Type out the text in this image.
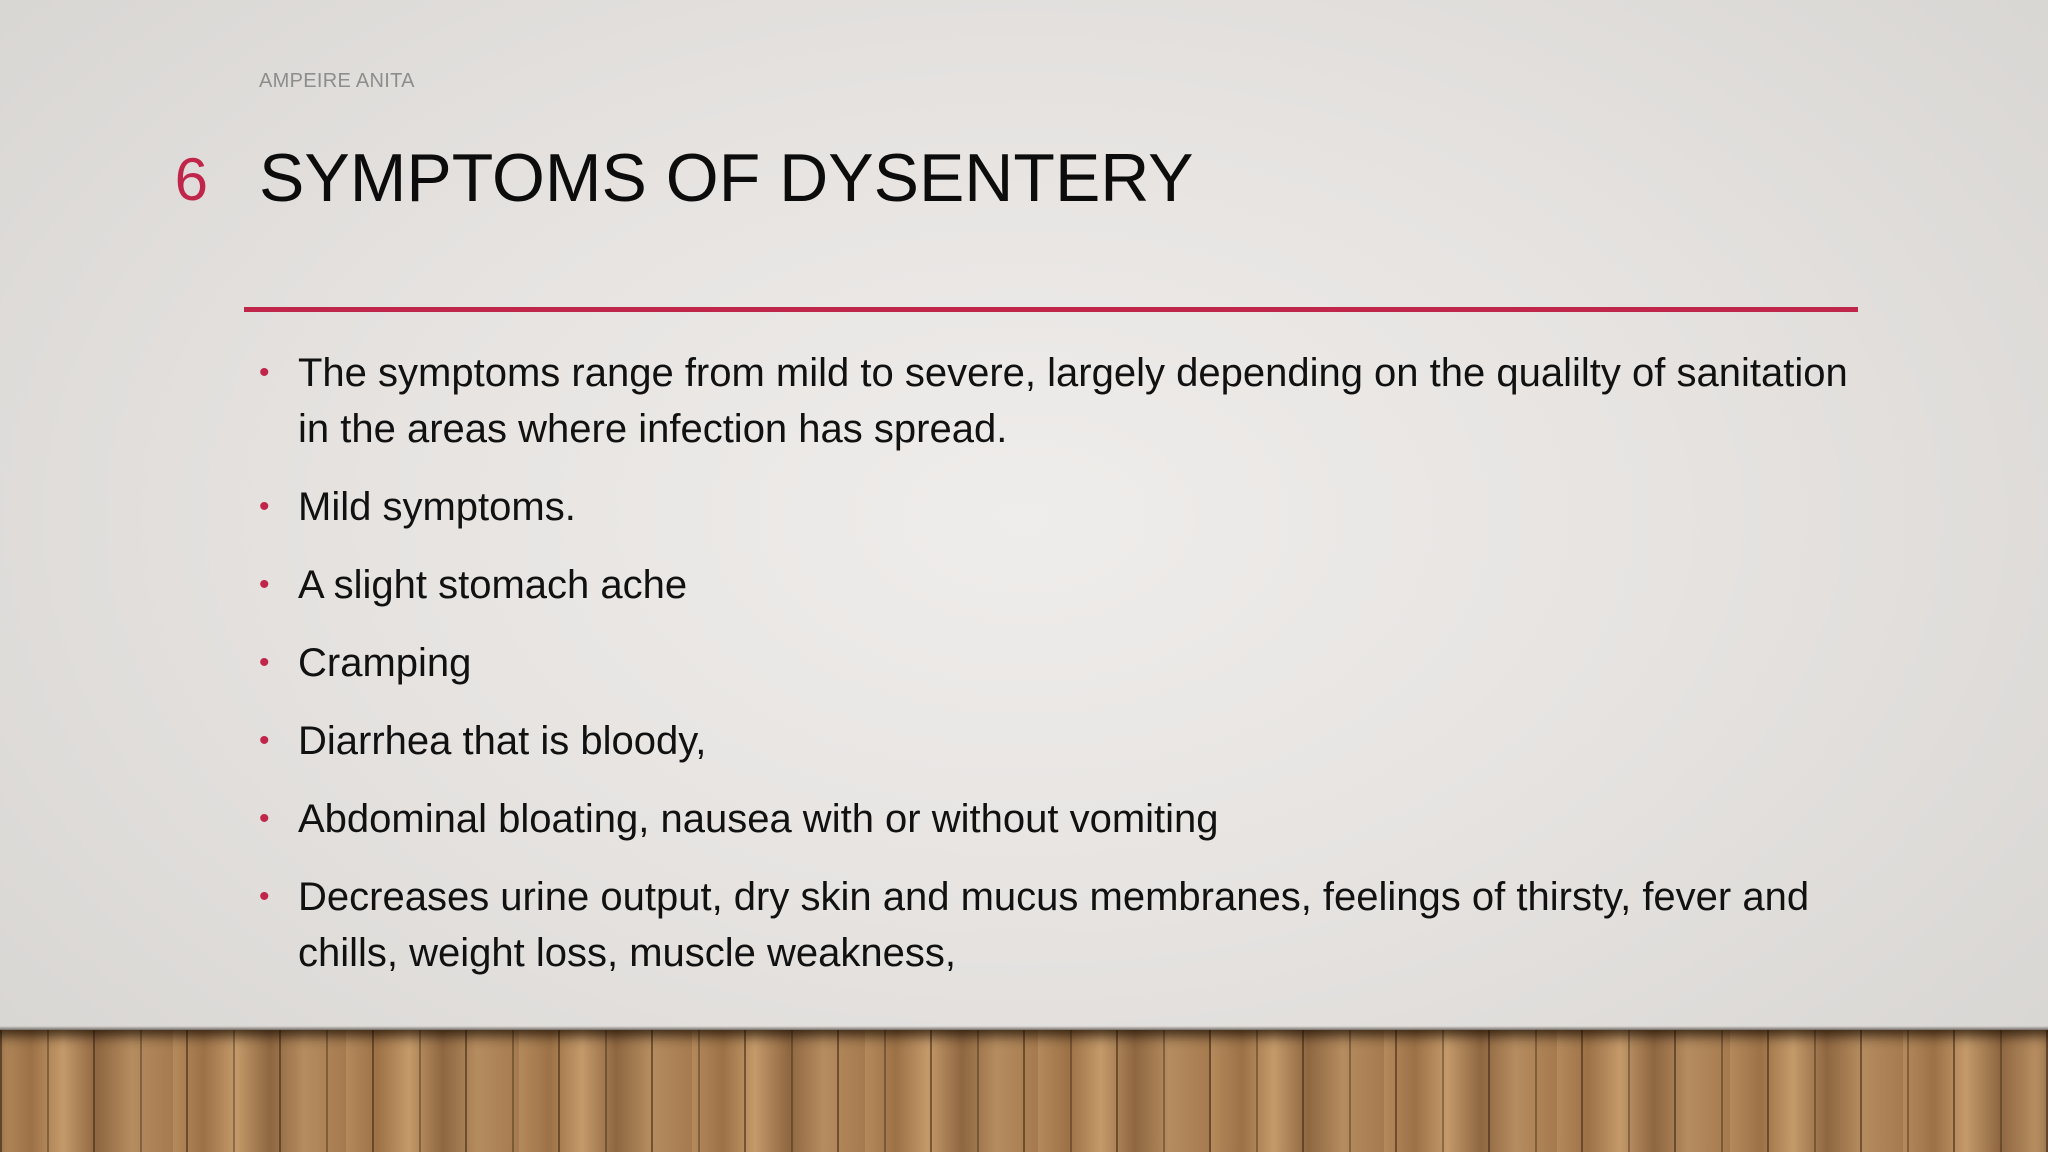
AMPEIRE ANITA
6 SYMPTOMS OF DYSENTERY
• The symptoms range from mild to severe, largely depending on the qualilty of sanitation in the areas where infection has spread.
• Mild symptoms.
• A slight stomach ache
• Cramping
• Diarrhea that is bloody,
• Abdominal bloating, nausea with or without vomiting
• Decreases urine output, dry skin and mucus membranes, feelings of thirsty, fever and chills, weight loss, muscle weakness,
